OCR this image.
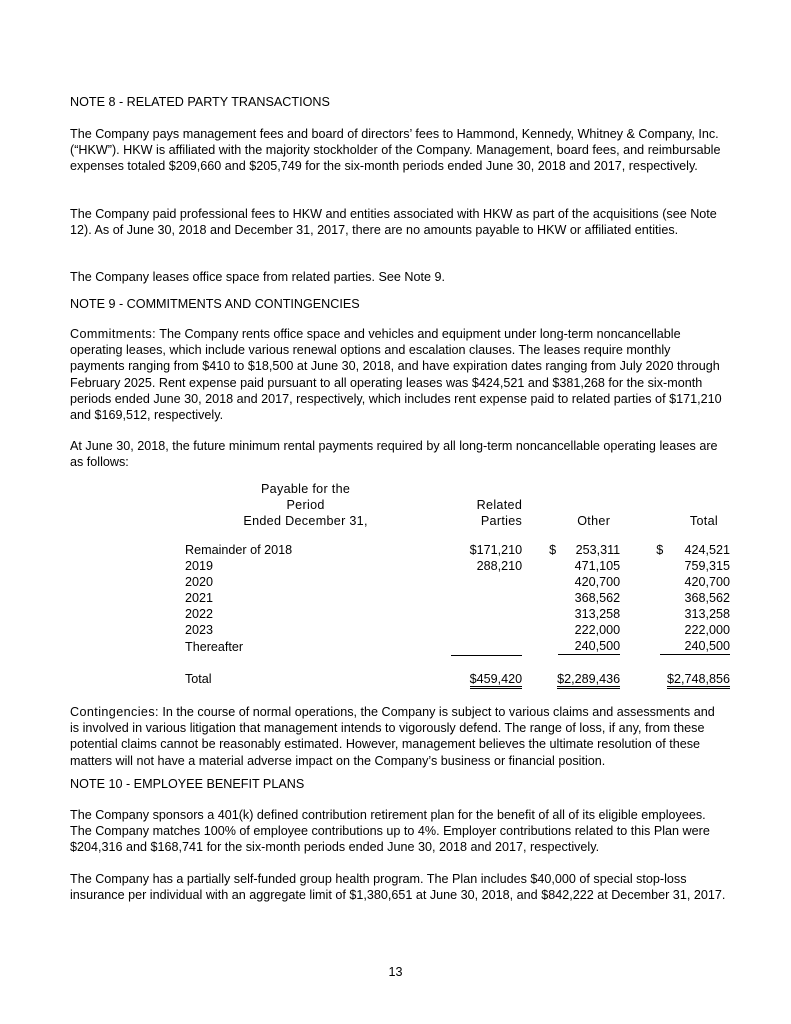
NOTE 8 - RELATED PARTY TRANSACTIONS

The Company pays management fees and board of directors’ fees to Hammond, Kennedy, Whitney & Company, Inc. (“HKW”). HKW is affiliated with the majority stockholder of the Company. Management, board fees, and reimbursable expenses totaled $209,660 and $205,749 for the six-month periods ended June 30, 2018 and 2017, respectively.

The Company paid professional fees to HKW and entities associated with HKW as part of the acquisitions (see Note 12). As of June 30, 2018 and December 31, 2017, there are no amounts payable to HKW or affiliated entities.

The Company leases office space from related parties. See Note 9.

NOTE 9 - COMMITMENTS AND CONTINGENCIES

Commitments: The Company rents office space and vehicles and equipment under long-term noncancellable operating leases, which include various renewal options and escalation clauses. The leases require monthly payments ranging from $410 to $18,500 at June 30, 2018, and have expiration dates ranging from July 2020 through February 2025. Rent expense paid pursuant to all operating leases was $424,521 and $381,268 for the six-month periods ended June 30, 2018 and 2017, respectively, which includes rent expense paid to related parties of $171,210 and $169,512, respectively.

At June 30, 2018, the future minimum rental payments required by all long-term noncancellable operating leases are as follows:

Payable for the			
Period	Related		
Ended December 31,	Parties	Other	Total

Remainder of 2018	$171,210	$ 253,311	$ 424,521
2019	288,210	471,105	759,315
2020		420,700	420,700
2021		368,562	368,562
2022		313,258	313,258
2023		222,000	222,000
Thereafter		240,500	240,500

Total	$459,420	$2,289,436	$2,748,856

Contingencies: In the course of normal operations, the Company is subject to various claims and assessments and is involved in various litigation that management intends to vigorously defend. The range of loss, if any, from these potential claims cannot be reasonably estimated. However, management believes the ultimate resolution of these matters will not have a material adverse impact on the Company’s business or financial position.

NOTE 10 - EMPLOYEE BENEFIT PLANS

The Company sponsors a 401(k) defined contribution retirement plan for the benefit of all of its eligible employees. The Company matches 100% of employee contributions up to 4%. Employer contributions related to this Plan were $204,316 and $168,741 for the six-month periods ended June 30, 2018 and 2017, respectively.

The Company has a partially self-funded group health program. The Plan includes $40,000 of special stop-loss insurance per individual with an aggregate limit of $1,380,651 at June 30, 2018, and $842,222 at December 31, 2017.

13
